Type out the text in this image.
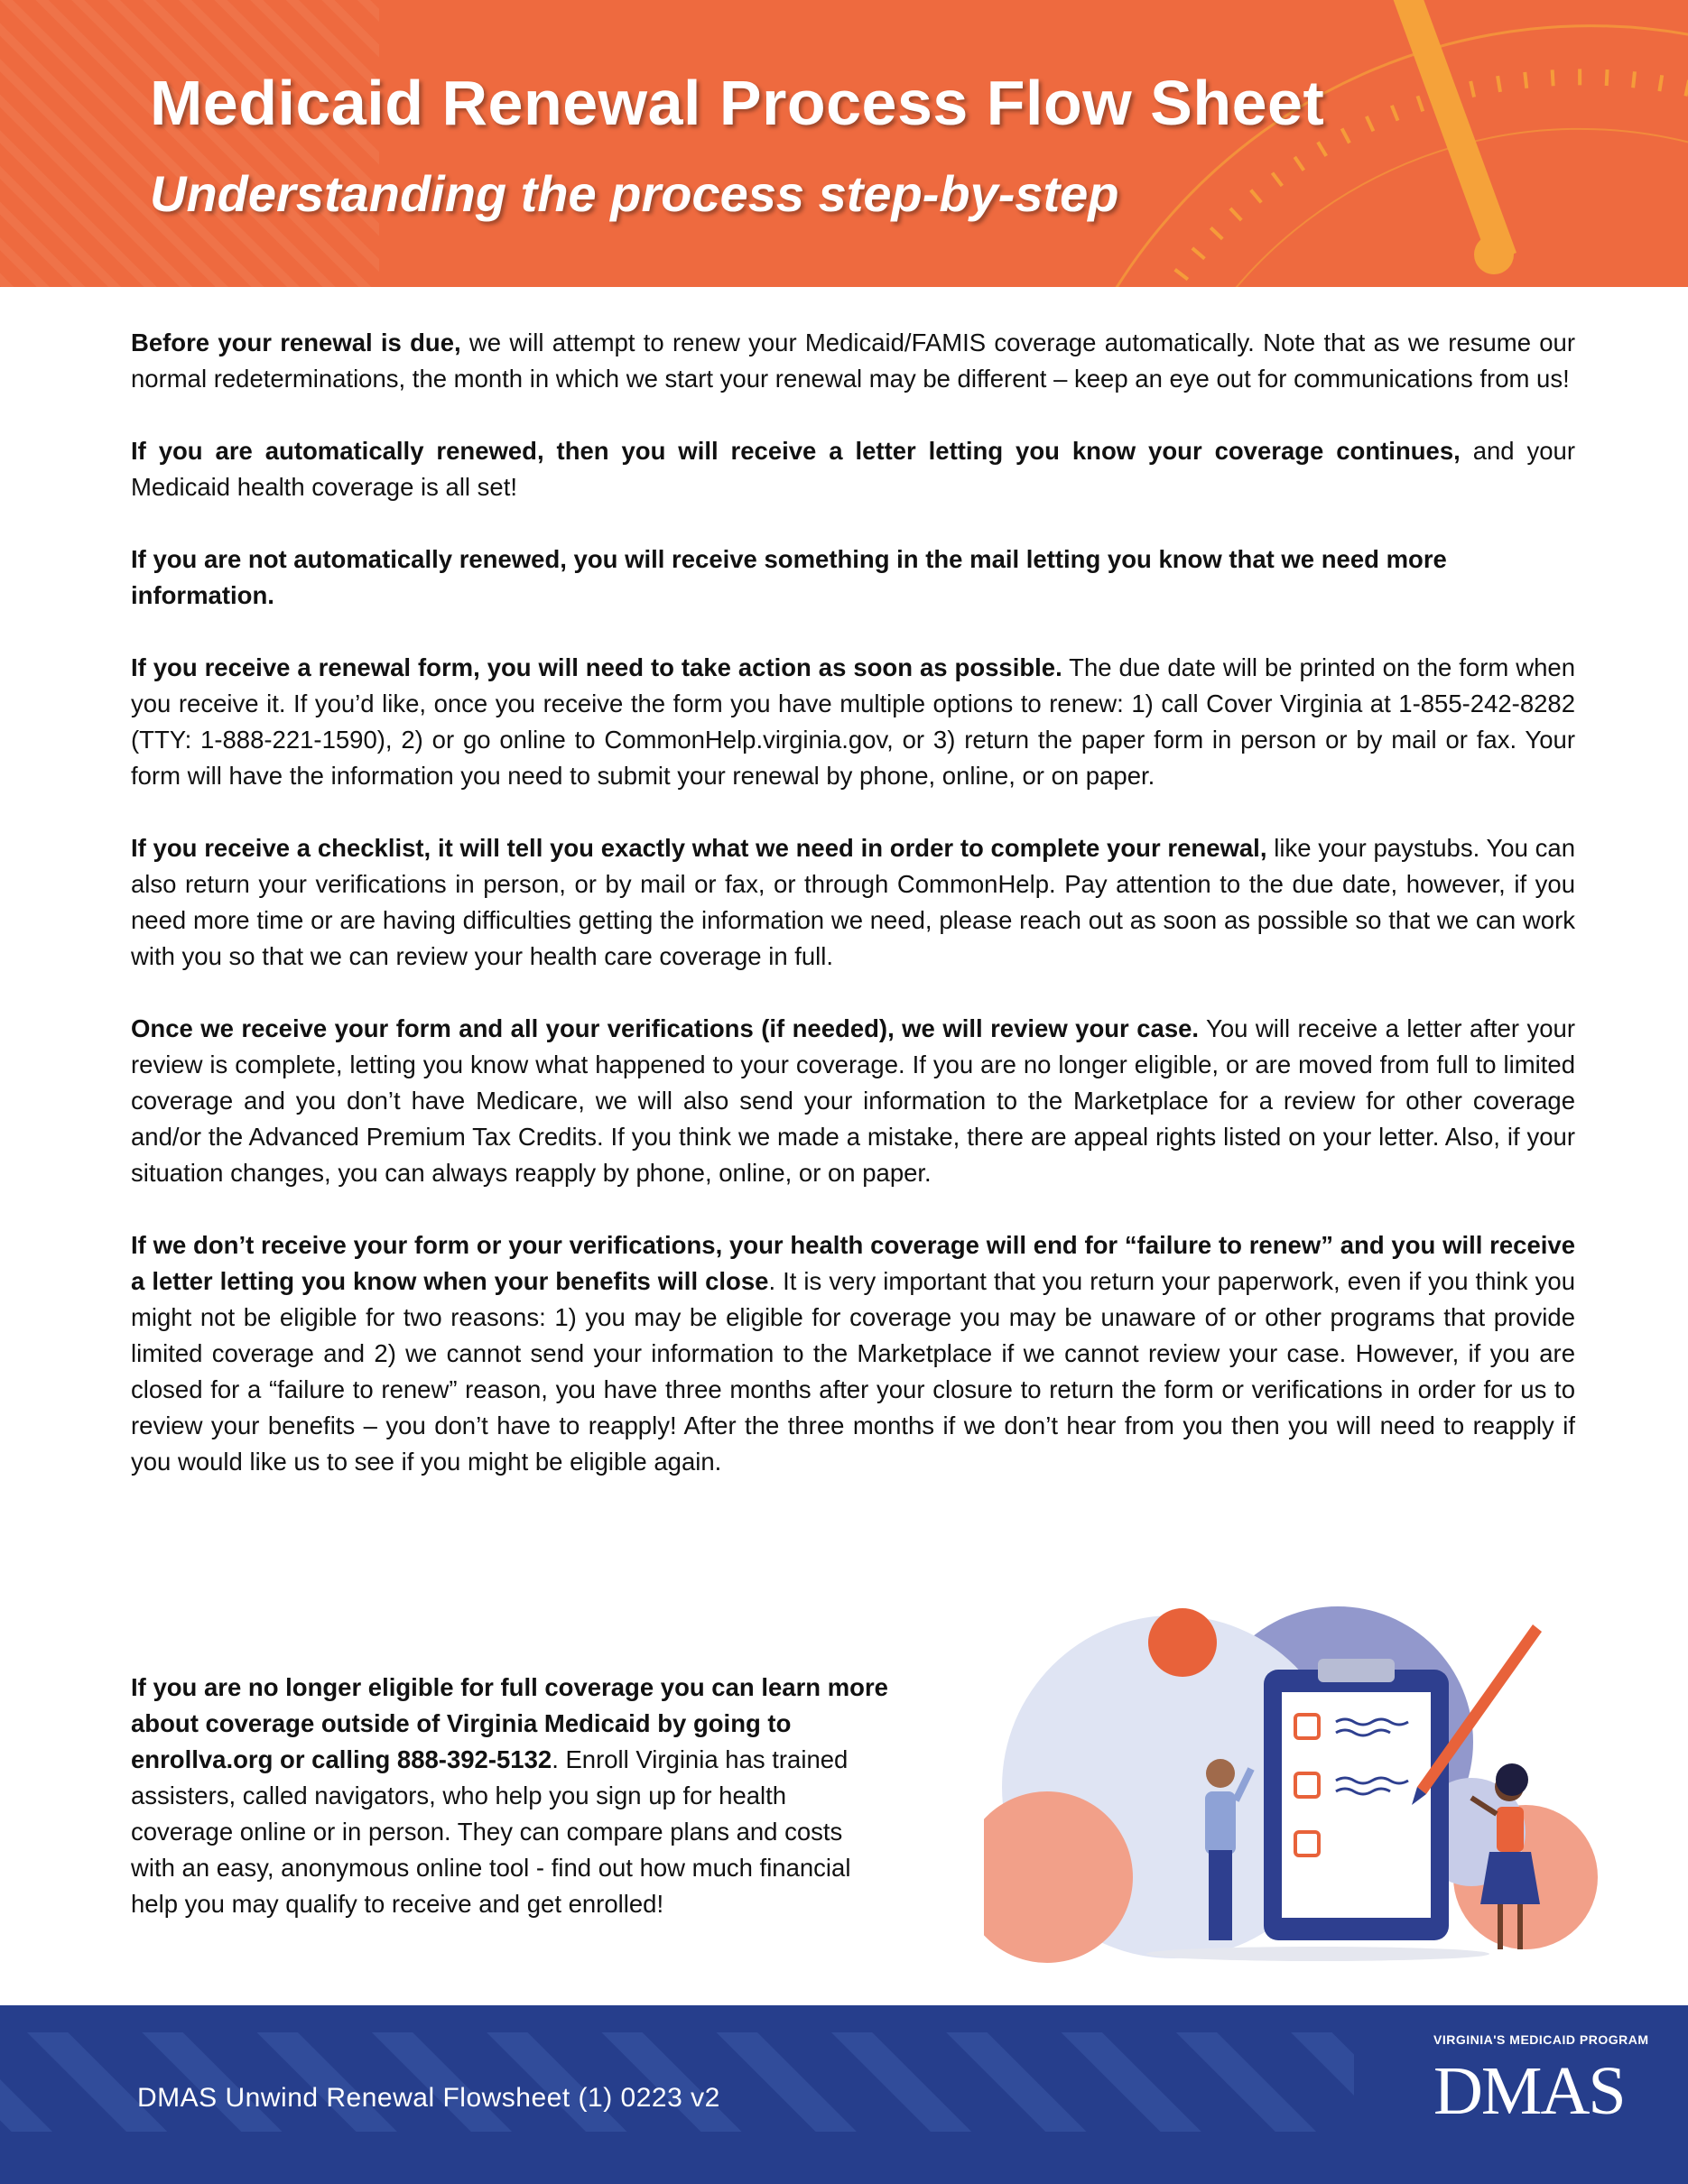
Medicaid Renewal Process Flow Sheet
Understanding the process step-by-step

Before your renewal is due, we will attempt to renew your Medicaid/FAMIS coverage automatically. Note that as we resume our normal redeterminations, the month in which we start your renewal may be different – keep an eye out for communications from us!

If you are automatically renewed, then you will receive a letter letting you know your coverage continues, and your Medicaid health coverage is all set!

If you are not automatically renewed, you will receive something in the mail letting you know that we need more information.

If you receive a renewal form, you will need to take action as soon as possible. The due date will be printed on the form when you receive it. If you’d like, once you receive the form you have multiple options to renew: 1) call Cover Virginia at 1-855-242-8282 (TTY: 1-888-221-1590), 2) or go online to CommonHelp.virginia.gov, or 3) return the paper form in person or by mail or fax. Your form will have the information you need to submit your renewal by phone, online, or on paper.

If you receive a checklist, it will tell you exactly what we need in order to complete your renewal, like your paystubs. You can also return your verifications in person, or by mail or fax, or through CommonHelp. Pay attention to the due date, however, if you need more time or are having difficulties getting the information we need, please reach out as soon as possible so that we can work with you so that we can review your health care coverage in full.

Once we receive your form and all your verifications (if needed), we will review your case. You will receive a letter after your review is complete, letting you know what happened to your coverage. If you are no longer eligible, or are moved from full to limited coverage and you don’t have Medicare, we will also send your information to the Marketplace for a review for other coverage and/or the Advanced Premium Tax Credits. If you think we made a mistake, there are appeal rights listed on your letter. Also, if your situation changes, you can always reapply by phone, online, or on paper.

If we don’t receive your form or your verifications, your health coverage will end for “failure to renew” and you will receive a letter letting you know when your benefits will close. It is very important that you return your paperwork, even if you think you might not be eligible for two reasons: 1) you may be eligible for coverage you may be unaware of or other programs that provide limited coverage and 2) we cannot send your information to the Marketplace if we cannot review your case. However, if you are closed for a “failure to renew” reason, you have three months after your closure to return the form or verifications in order for us to review your benefits – you don’t have to reapply! After the three months if we don’t hear from you then you will need to reapply if you would like us to see if you might be eligible again.

If you are no longer eligible for full coverage you can learn more about coverage outside of Virginia Medicaid by going to enrollva.org or calling 888-392-5132. Enroll Virginia has trained assisters, called navigators, who help you sign up for health coverage online or in person. They can compare plans and costs with an easy, anonymous online tool - find out how much financial help you may qualify to receive and get enrolled!
DMAS Unwind Renewal Flowsheet (1) 0223 v2
VIRGINIA'S MEDICAID PROGRAM
DMAS
